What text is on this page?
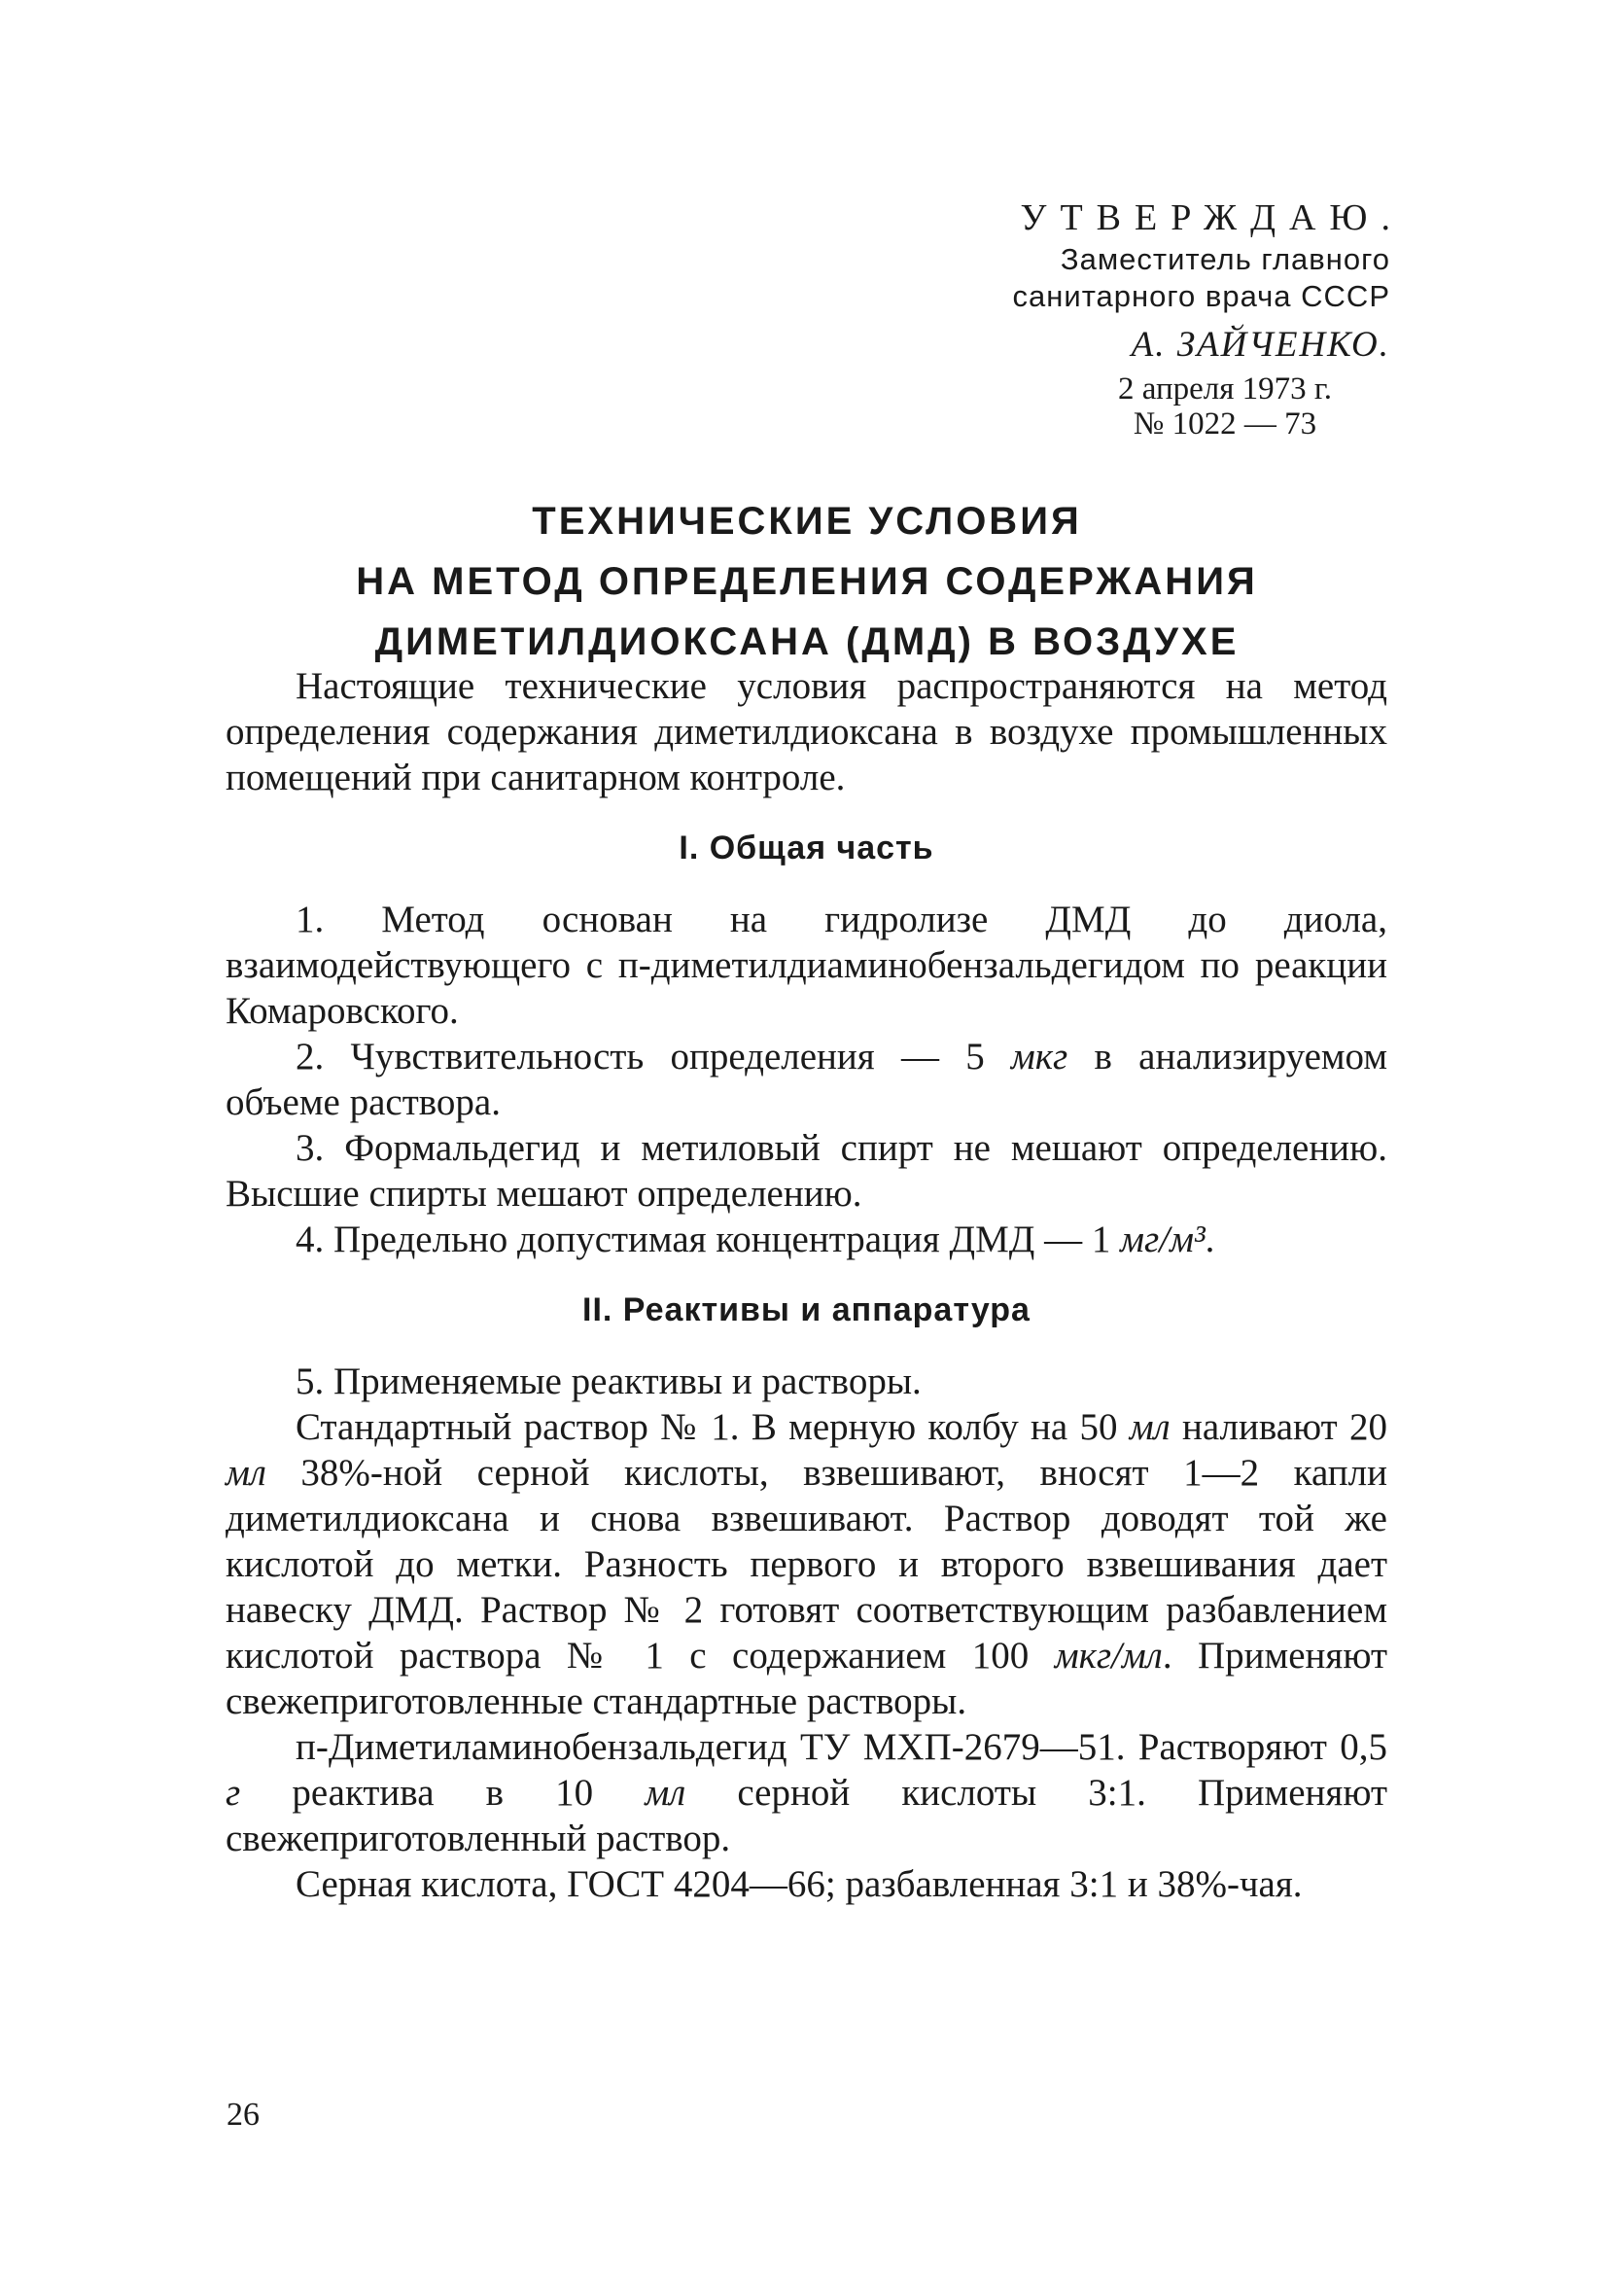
УТВЕРЖДАЮ.
Заместитель главного
санитарного врача СССР
А. ЗАЙЧЕНКО.
2 апреля 1973 г.
№ 1022 — 73
ТЕХНИЧЕСКИЕ УСЛОВИЯ
НА МЕТОД ОПРЕДЕЛЕНИЯ СОДЕРЖАНИЯ
ДИМЕТИЛДИОКСАНА (ДМД) В ВОЗДУХЕ

Настоящие технические условия распространяются на метод определения содержания диметилдиоксана в воздухе промышленных помещений при санитарном контроле.

I. Общая часть

1. Метод основан на гидролизе ДМД до диола, взаимодействующего с п-диметилдиаминобензальдегидом по реакции Комаровского.

2. Чувствительность определения — 5 мкг в анализируемом объеме раствора.

3. Формальдегид и метиловый спирт не мешают определению. Высшие спирты мешают определению.

4. Предельно допустимая концентрация ДМД — 1 мг/м³.

II. Реактивы и аппаратура

5. Применяемые реактивы и растворы.

Стандартный раствор № 1. В мерную колбу на 50 мл наливают 20 мл 38%-ной серной кислоты, взвешивают, вносят 1—2 капли диметилдиоксана и снова взвешивают. Раствор доводят той же кислотой до метки. Разность первого и второго взвешивания дает навеску ДМД. Раствор № 2 готовят соответствующим разбавлением кислотой раствора № 1 с содержанием 100 мкг/мл. Применяют свежеприготовленные стандартные растворы.

п-Диметиламинобензальдегид ТУ МХП-2679—51. Растворяют 0,5 г реактива в 10 мл серной кислоты 3:1. Применяют свежеприготовленный раствор.

Серная кислота, ГОСТ 4204—66; разбавленная 3:1 и 38%-чая.

26
